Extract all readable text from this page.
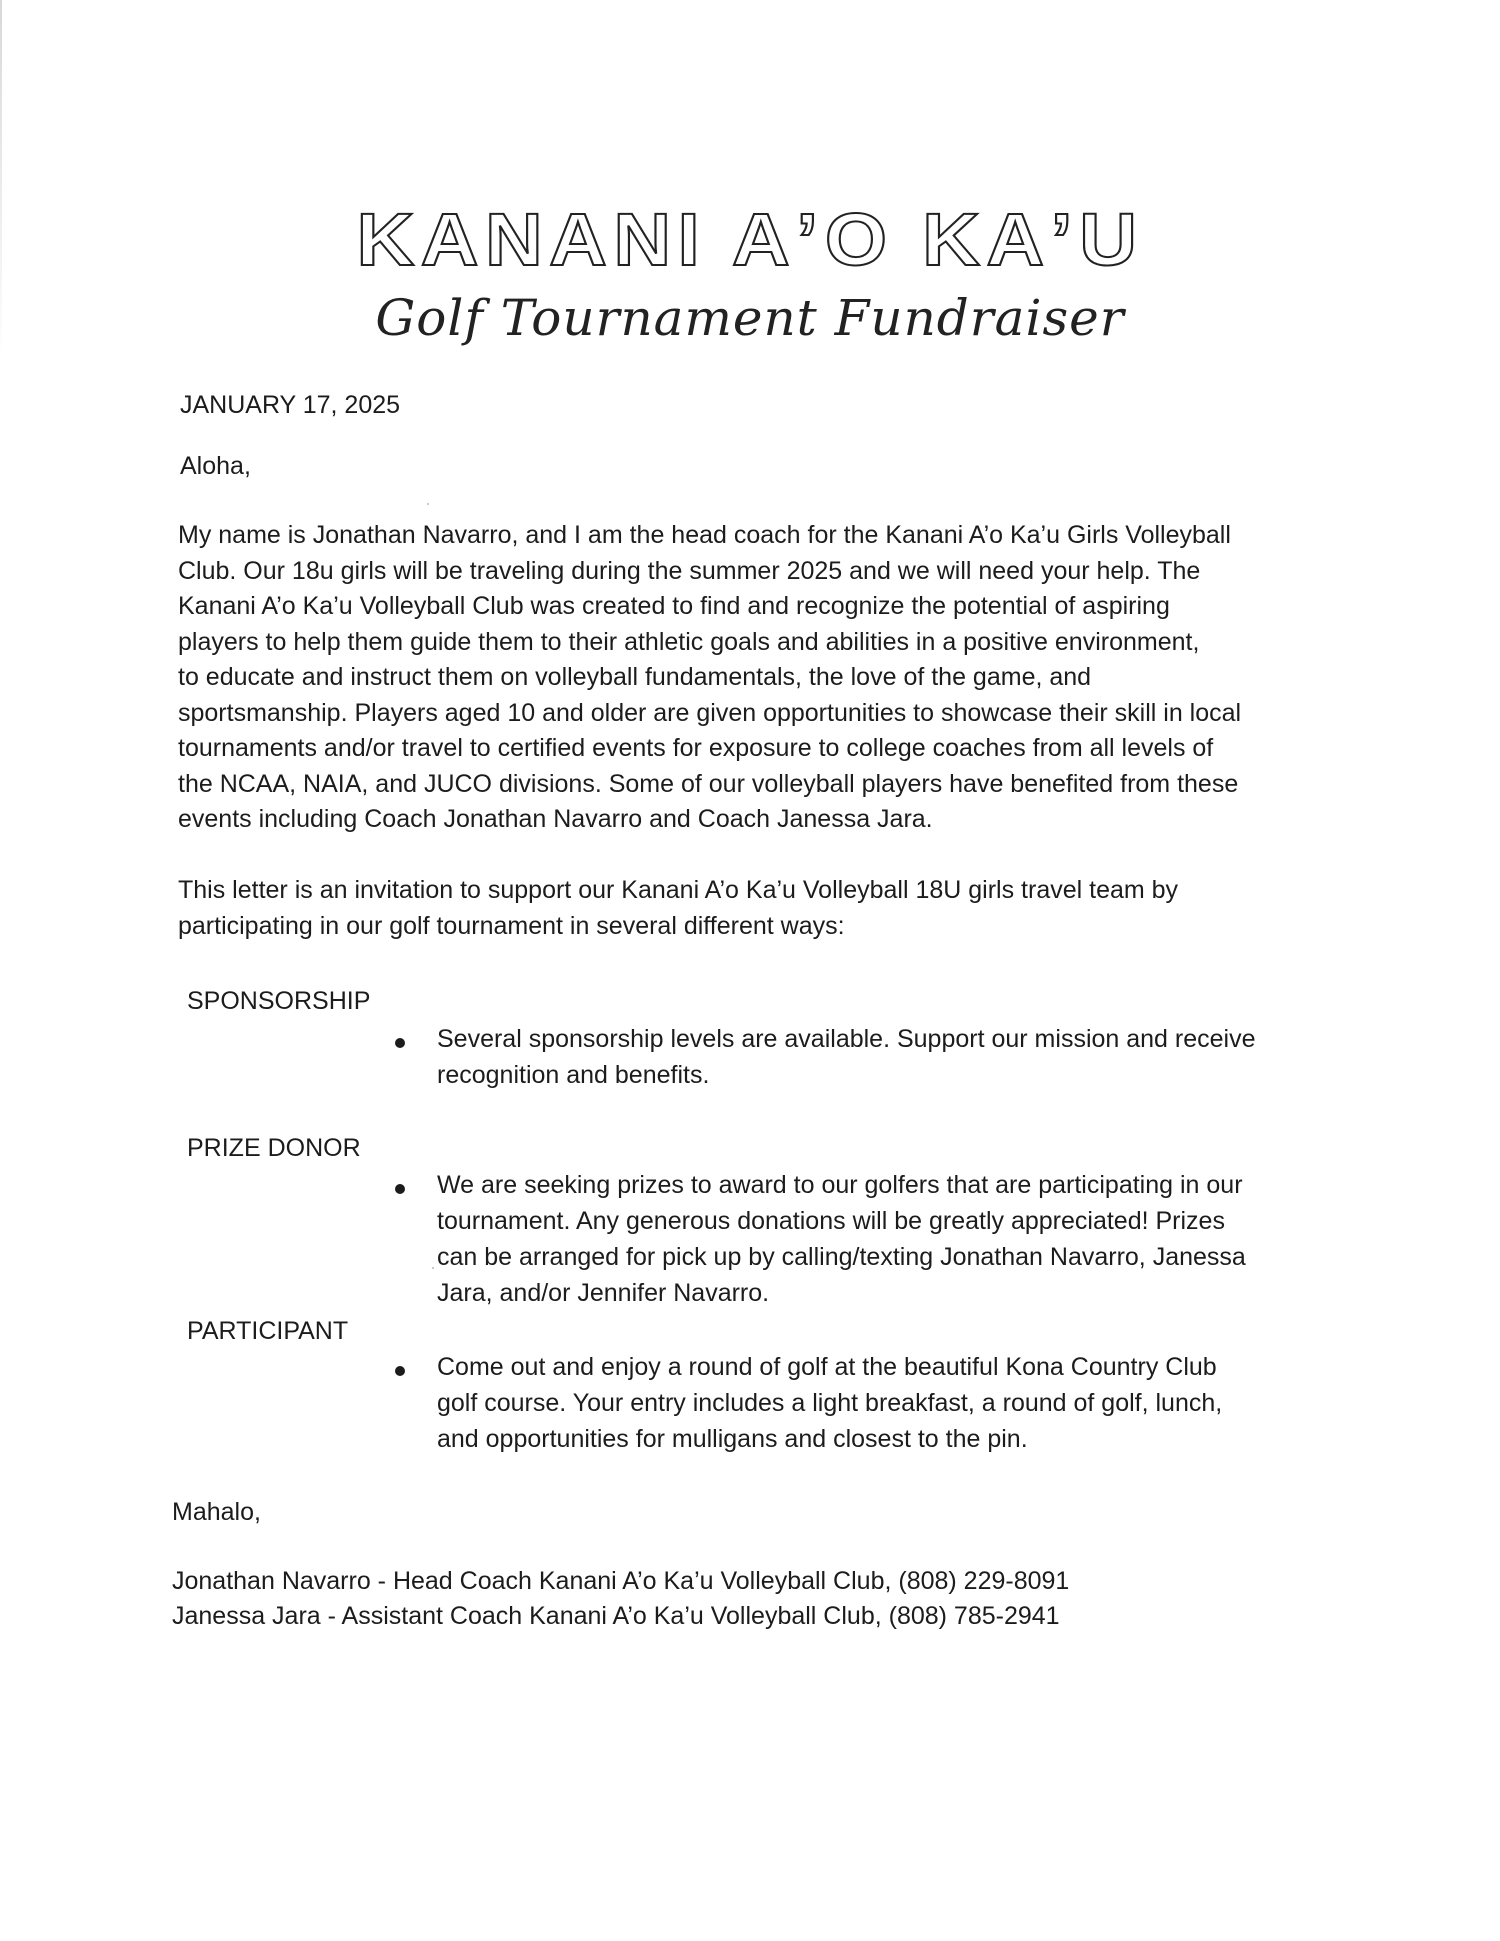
KANANI AʼO KAʼU
Golf Tournament Fundraiser
JANUARY 17, 2025
Aloha,
My name is Jonathan Navarro, and I am the head coach for the Kanani A’o Ka’u Girls Volleyball
Club. Our 18u girls will be traveling during the summer 2025 and we will need your help. The
Kanani A’o Ka’u Volleyball Club was created to find and recognize the potential of aspiring
players to help them guide them to their athletic goals and abilities in a positive environment,
to educate and instruct them on volleyball fundamentals, the love of the game, and
sportsmanship. Players aged 10 and older are given opportunities to showcase their skill in local
tournaments and/or travel to certified events for exposure to college coaches from all levels of
the NCAA, NAIA, and JUCO divisions. Some of our volleyball players have benefited from these
events including Coach Jonathan Navarro and Coach Janessa Jara.
This letter is an invitation to support our Kanani A’o Ka’u Volleyball 18U girls travel team by
participating in our golf tournament in several different ways:
SPONSORSHIP
Several sponsorship levels are available. Support our mission and receive
recognition and benefits.
PRIZE DONOR
We are seeking prizes to award to our golfers that are participating in our
tournament. Any generous donations will be greatly appreciated! Prizes
can be arranged for pick up by calling/texting Jonathan Navarro, Janessa
Jara, and/or Jennifer Navarro.
PARTICIPANT
Come out and enjoy a round of golf at the beautiful Kona Country Club
golf course. Your entry includes a light breakfast, a round of golf, lunch,
and opportunities for mulligans and closest to the pin.
Mahalo,
Jonathan Navarro - Head Coach Kanani A’o Ka’u Volleyball Club, (808) 229-8091
Janessa Jara - Assistant Coach Kanani A’o Ka’u Volleyball Club, (808) 785-2941
